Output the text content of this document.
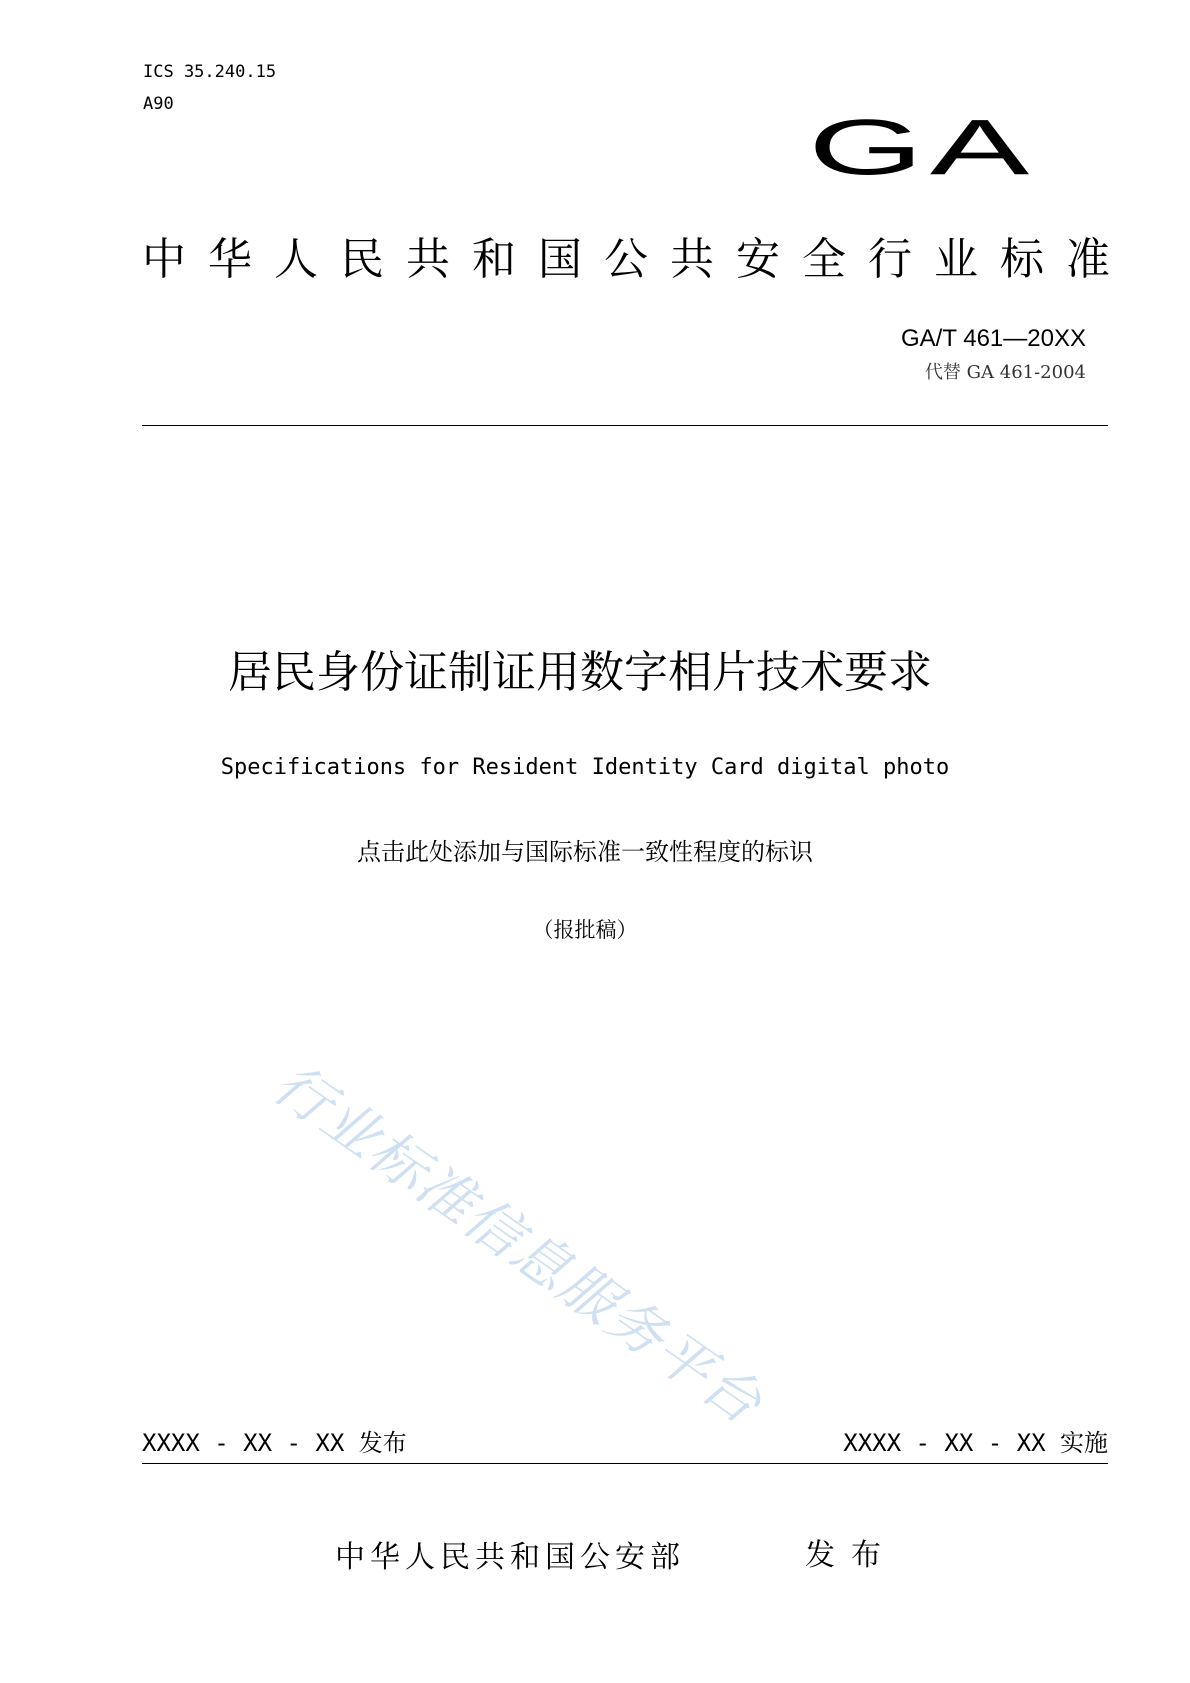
ICS 35.240.15
A90	GA
中华人民共和国公共安全行业标准
GA/T 461—20XX
代替 GA 461-2004
居民身份证制证用数字相片技术要求
Specifications for Resident Identity Card digital photo
点击此处添加与国际标准一致性程度的标识
（报批稿）
行业标准信息服务平台
XXXX - XX - XX 发布	XXXX - XX - XX 实施
中华人民共和国公安部	发布
